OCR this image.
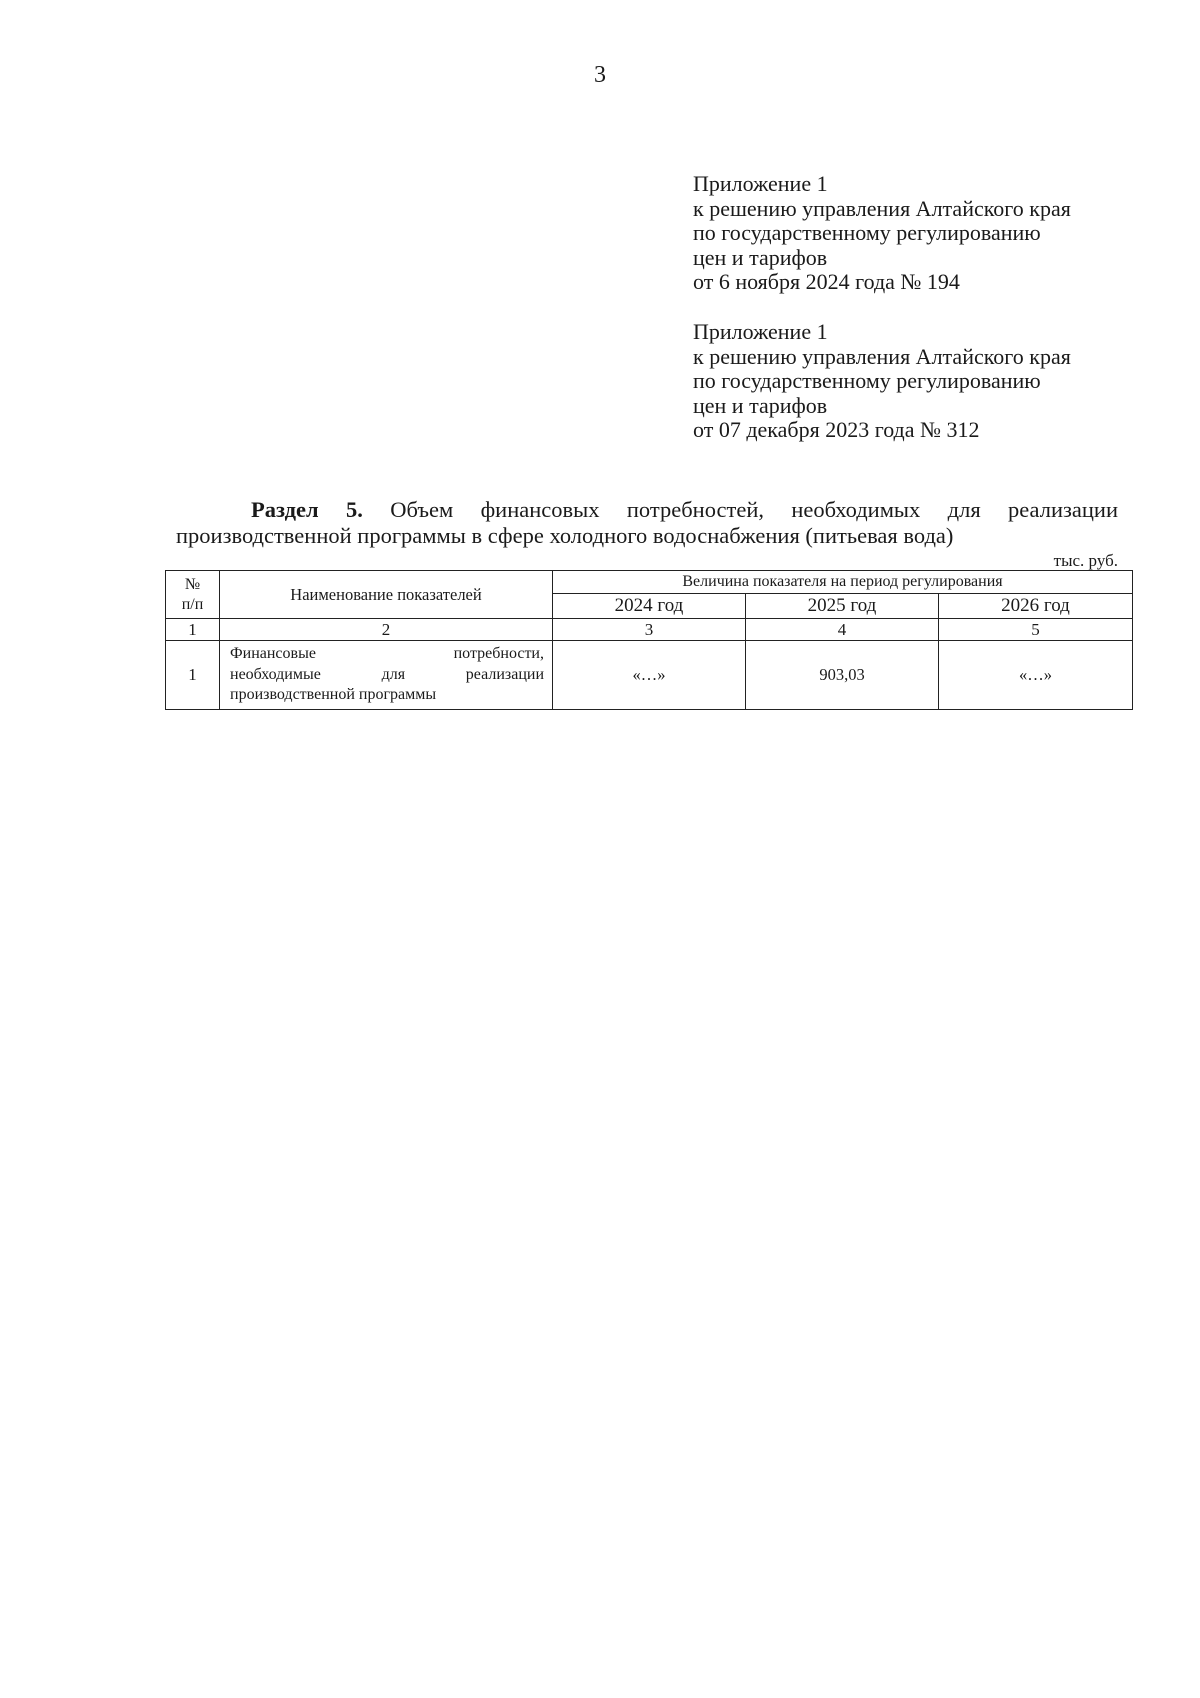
3
Приложение 1
к решению управления Алтайского края
по государственному регулированию
цен и тарифов
от 6 ноября 2024 года № 194
Приложение 1
к решению управления Алтайского края
по государственному регулированию
цен и тарифов
от 07 декабря 2023 года № 312
Раздел 5. Объем финансовых потребностей, необходимых для реализации
производственной программы в сфере холодного водоснабжения (питьевая вода)
тыс. руб.
№
п/п	Наименование показателей	Величина показателя на период регулирования		
		2024 год	2025 год	2026 год
1	2	3	4	5
1	Финансовые потребности,
необходимые для реализации
производственной программы	«…»	903,03	«…»
